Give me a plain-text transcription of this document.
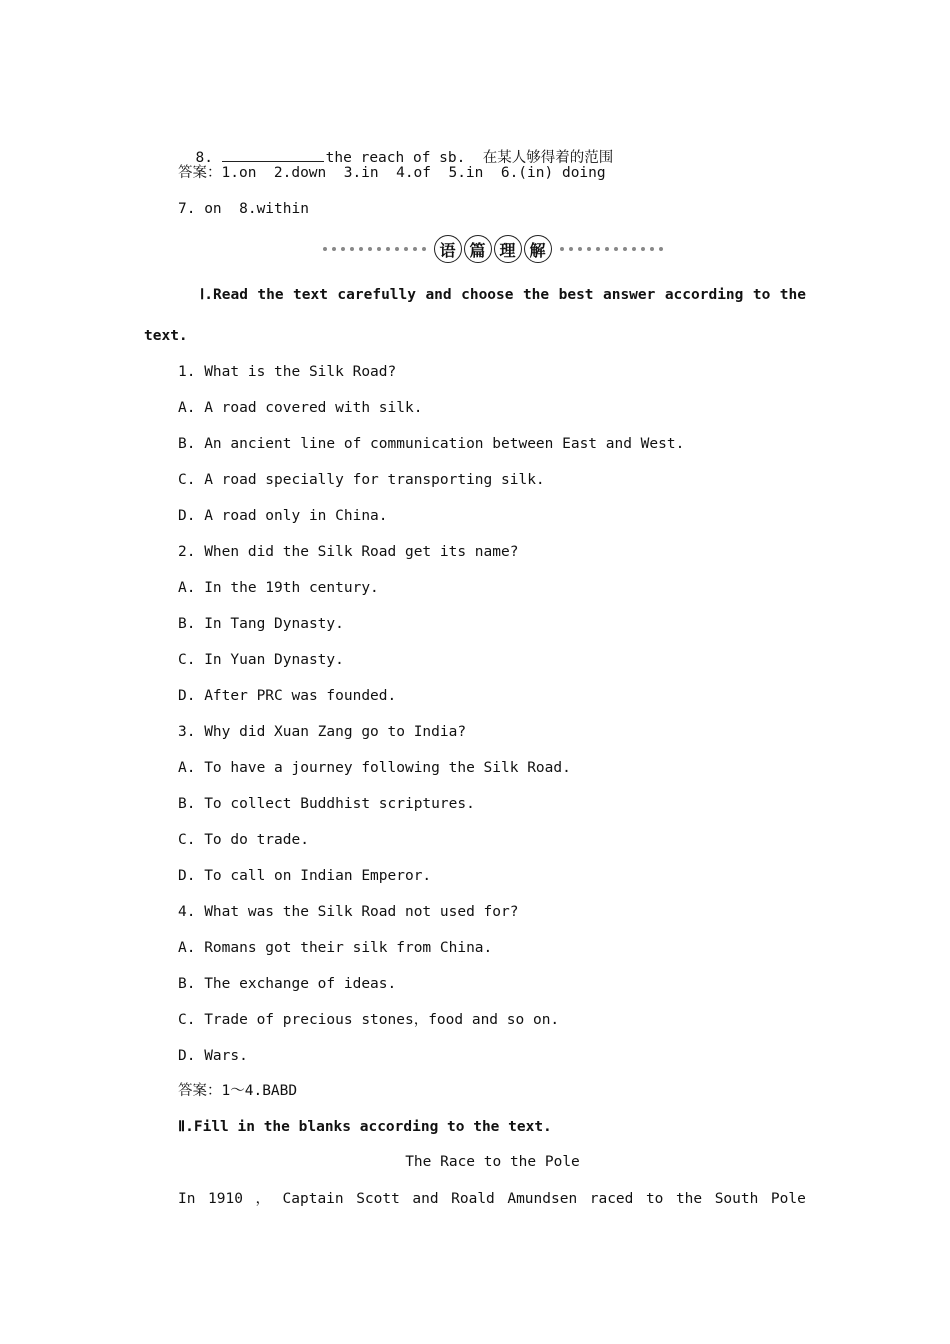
8.	the reach of sb.  在某人够得着的范围

答案：1.on  2.down  3.in  4.of  5.in  6.(in) doing
7. on  8.within
语 篇 理 解
Ⅰ.Read the text carefully and choose the best answer according to the
text.
1. What is the Silk Road?
A. A road covered with silk.
B. An ancient line of communication between East and West.
C. A road specially for transporting silk.
D. A road only in China.
2. When did the Silk Road get its name?
A. In the 19th century.
B. In Tang Dynasty.
C. In Yuan Dynasty.
D. After PRC was founded.
3. Why did Xuan Zang go to India?
A. To have a journey following the Silk Road.
B. To collect Buddhist scriptures.
C. To do trade.
D. To call on Indian Emperor.
4. What was the Silk Road not used for?
A. Romans got their silk from China.
B. The exchange of ideas.
C. Trade of precious stones，food and so on.
D. Wars.
答案：1～4.BABD
Ⅱ.Fill in the blanks according to the text.
The Race to the Pole
In 1910 ， Captain Scott and Roald Amundsen raced to the South Pole
